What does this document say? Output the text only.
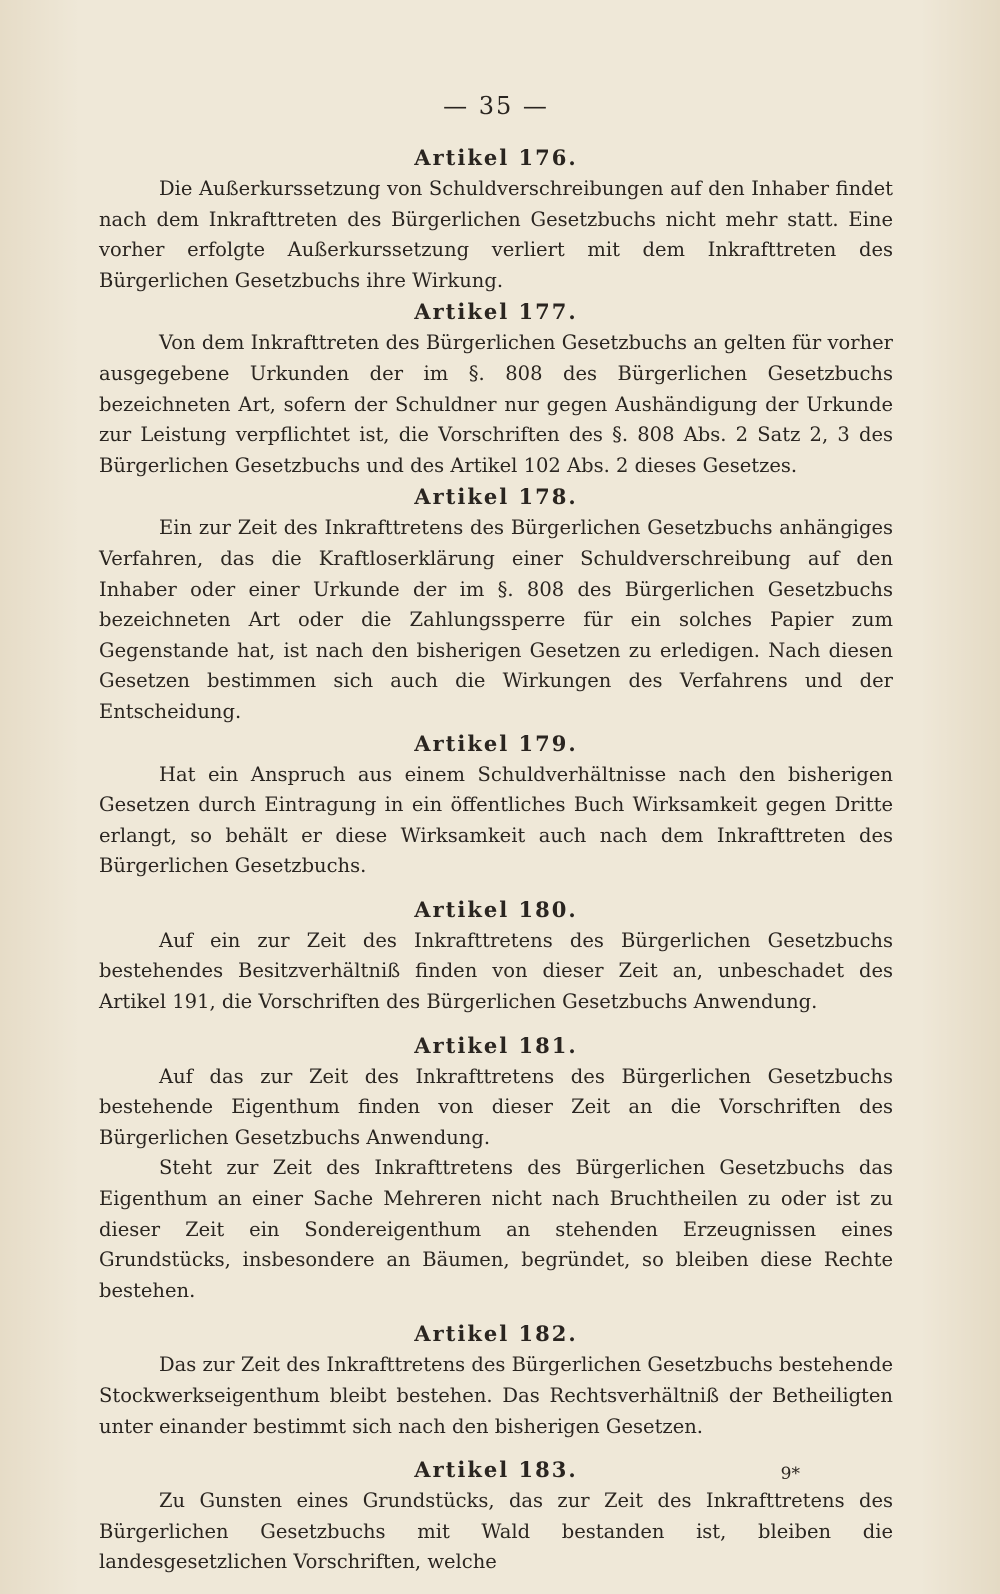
— 35 —
Artikel 176.

Die Außerkurssetzung von Schuldverschreibungen auf den Inhaber findet nach dem Inkrafttreten des Bürgerlichen Gesetzbuchs nicht mehr statt. Eine vorher erfolgte Außerkurssetzung verliert mit dem Inkrafttreten des Bürgerlichen Gesetzbuchs ihre Wirkung.

Artikel 177.

Von dem Inkrafttreten des Bürgerlichen Gesetzbuchs an gelten für vorher ausgegebene Urkunden der im §. 808 des Bürgerlichen Gesetzbuchs bezeichneten Art, sofern der Schuldner nur gegen Aushändigung der Urkunde zur Leistung verpflichtet ist, die Vorschriften des §. 808 Abs. 2 Satz 2, 3 des Bürgerlichen Gesetzbuchs und des Artikel 102 Abs. 2 dieses Gesetzes.

Artikel 178.

Ein zur Zeit des Inkrafttretens des Bürgerlichen Gesetzbuchs anhängiges Verfahren, das die Kraftloserklärung einer Schuldverschreibung auf den Inhaber oder einer Urkunde der im §. 808 des Bürgerlichen Gesetzbuchs bezeichneten Art oder die Zahlungssperre für ein solches Papier zum Gegenstande hat, ist nach den bisherigen Gesetzen zu erledigen. Nach diesen Gesetzen bestimmen sich auch die Wirkungen des Verfahrens und der Entscheidung.

Artikel 179.

Hat ein Anspruch aus einem Schuldverhältnisse nach den bisherigen Gesetzen durch Eintragung in ein öffentliches Buch Wirksamkeit gegen Dritte erlangt, so behält er diese Wirksamkeit auch nach dem Inkrafttreten des Bürgerlichen Gesetzbuchs.

Artikel 180.

Auf ein zur Zeit des Inkrafttretens des Bürgerlichen Gesetzbuchs bestehendes Besitzverhältniß finden von dieser Zeit an, unbeschadet des Artikel 191, die Vorschriften des Bürgerlichen Gesetzbuchs Anwendung.

Artikel 181.

Auf das zur Zeit des Inkrafttretens des Bürgerlichen Gesetzbuchs bestehende Eigenthum finden von dieser Zeit an die Vorschriften des Bürgerlichen Gesetzbuchs Anwendung.

Steht zur Zeit des Inkrafttretens des Bürgerlichen Gesetzbuchs das Eigenthum an einer Sache Mehreren nicht nach Bruchtheilen zu oder ist zu dieser Zeit ein Sondereigenthum an stehenden Erzeugnissen eines Grundstücks, insbesondere an Bäumen, begründet, so bleiben diese Rechte bestehen.

Artikel 182.

Das zur Zeit des Inkrafttretens des Bürgerlichen Gesetzbuchs bestehende Stockwerkseigenthum bleibt bestehen. Das Rechtsverhältniß der Betheiligten unter einander bestimmt sich nach den bisherigen Gesetzen.

Artikel 183.

Zu Gunsten eines Grundstücks, das zur Zeit des Inkrafttretens des Bürgerlichen Gesetzbuchs mit Wald bestanden ist, bleiben die landesgesetzlichen Vorschriften, welche

9*
